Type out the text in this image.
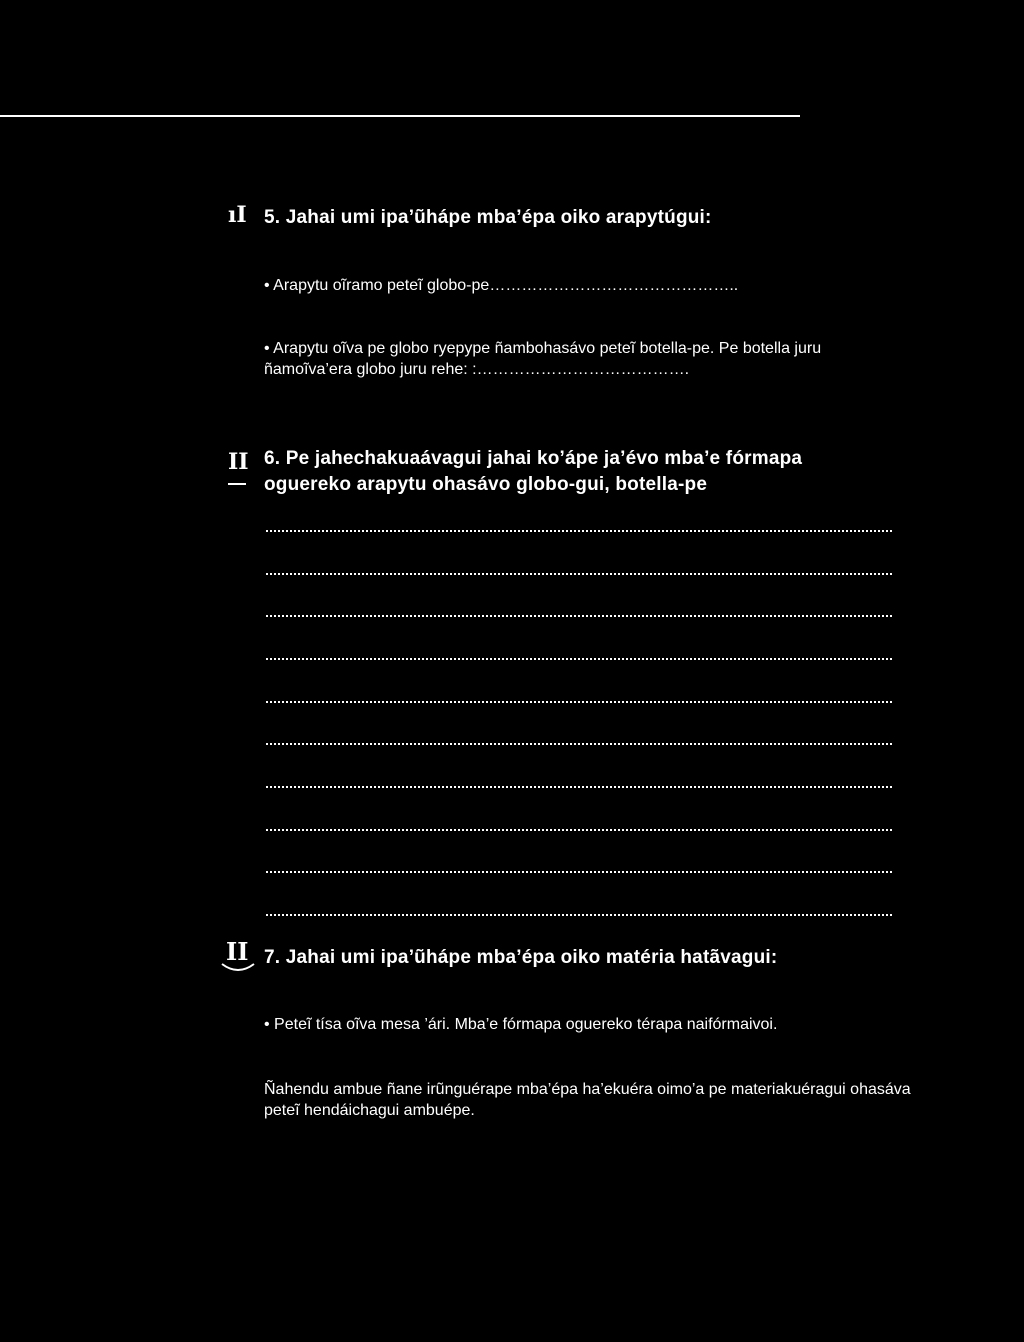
ıI 5. Jahai umi ipa’ũhápe mba’épa oiko arapytúgui:

• Arapytu oĩramo peteĩ globo-pe………………………………………..

• Arapytu oĩva pe globo ryepype ñambohasávo peteĩ botella-pe. Pe botella juru ñamoĩva’era globo juru rehe: :………………………………….

ΙΙ 6. Pe jahechakuaávagui jahai ko’ápe ja’évo mba’e fórmapa
oguereko arapytu ohasávo globo-gui, botella-pe
ΙΙ 7. Jahai umi ipa’ũhápe mba’épa oiko matéria hatãvagui:

• Peteĩ tísa oĩva mesa ’ári. Mba’e fórmapa oguereko térapa naifórmaivoi.

Ñahendu ambue ñane irũnguérape mba’épa ha’ekuéra oimo’a pe materiakuéragui ohasáva peteĩ hendáichagui ambuépe.
